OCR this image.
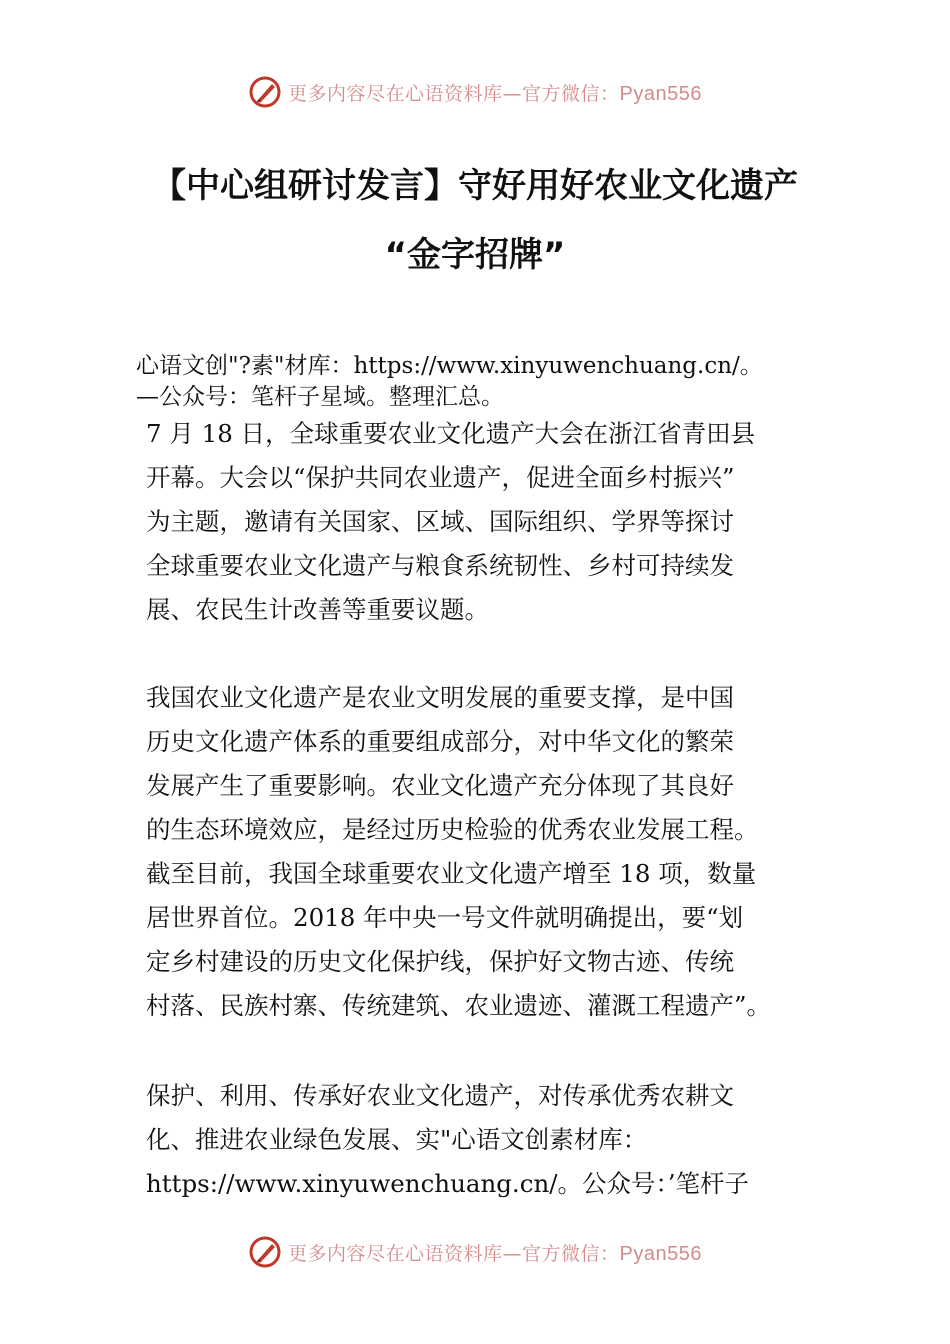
更多内容尽在心语资料库—官方微信：Pyan556
【中心组研讨发言】守好用好农业文化遗产
“金字招牌”
心语文创"?素"材库：https://www.xinyuwenchuang.cn/。
—公众号：笔杆子星域。整理汇总。
7 月 18 日，全球重要农业文化遗产大会在浙江省青田县
开幕。大会以“保护共同农业遗产，促进全面乡村振兴”
为主题，邀请有关国家、区域、国际组织、学界等探讨
全球重要农业文化遗产与粮食系统韧性、乡村可持续发
展、农民生计改善等重要议题。
我国农业文化遗产是农业文明发展的重要支撑，是中国
历史文化遗产体系的重要组成部分，对中华文化的繁荣
发展产生了重要影响。农业文化遗产充分体现了其良好
的生态环境效应，是经过历史检验的优秀农业发展工程。
截至目前，我国全球重要农业文化遗产增至 18 项，数量
居世界首位。2018 年中央一号文件就明确提出，要“划
定乡村建设的历史文化保护线，保护好文物古迹、传统
村落、民族村寨、传统建筑、农业遗迹、灌溉工程遗产”。
保护、利用、传承好农业文化遗产，对传承优秀农耕文
化、推进农业绿色发展、实"心语文创素材库：
https://www.xinyuwenchuang.cn/。公众号：’笔杆子
更多内容尽在心语资料库—官方微信：Pyan556
